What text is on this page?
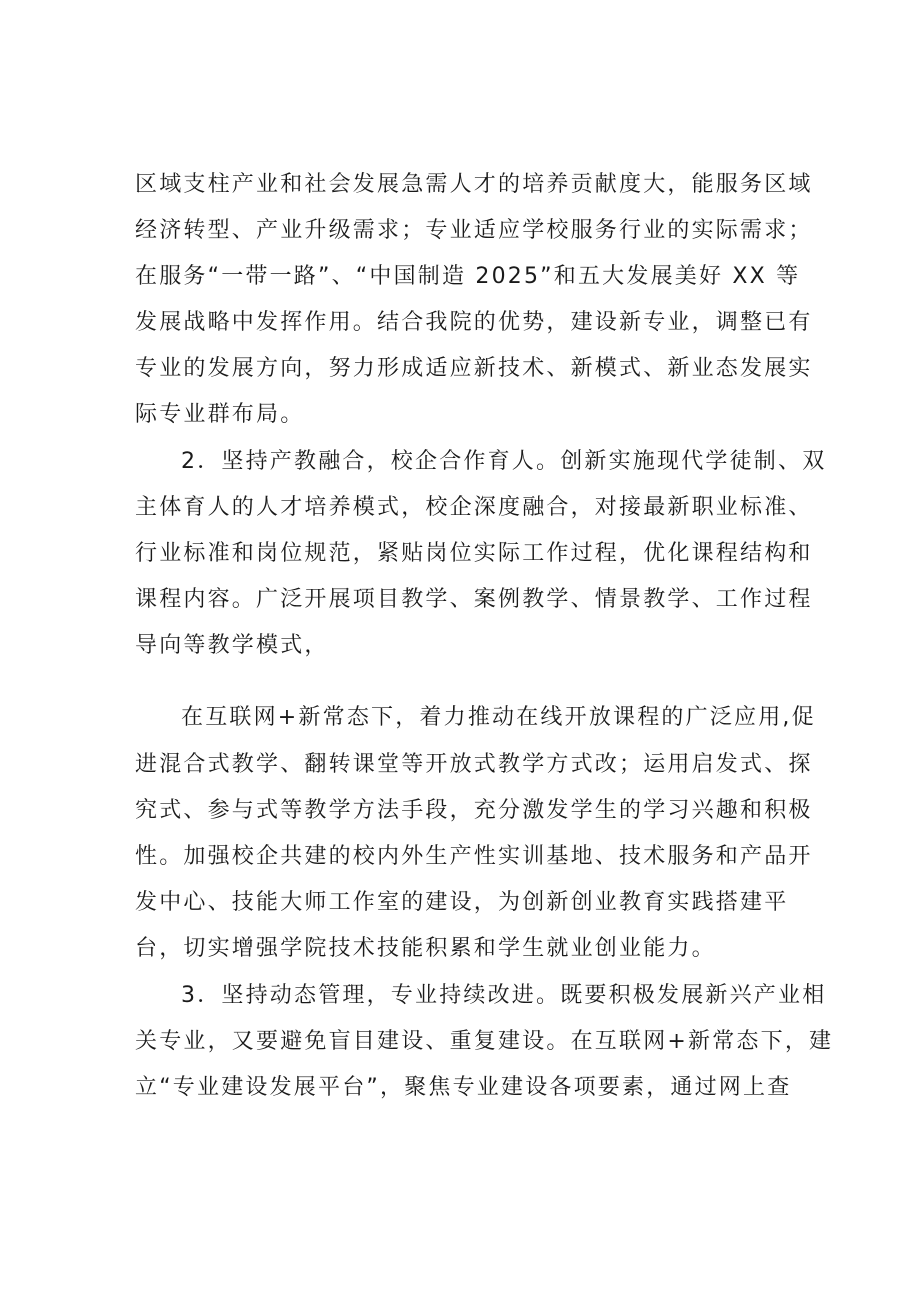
区域支柱产业和社会发展急需人才的培养贡献度大，能服务区域
经济转型、产业升级需求；专业适应学校服务行业的实际需求；
在服务“一带一路”、“中国制造 2025”和五大发展美好 XX 等
发展战略中发挥作用。结合我院的优势，建设新专业，调整已有
专业的发展方向，努力形成适应新技术、新模式、新业态发展实
际专业群布局。
2．坚持产教融合，校企合作育人。创新实施现代学徒制、双
主体育人的人才培养模式，校企深度融合，对接最新职业标准、
行业标准和岗位规范，紧贴岗位实际工作过程，优化课程结构和
课程内容。广泛开展项目教学、案例教学、情景教学、工作过程
导向等教学模式，
在互联网+新常态下，着力推动在线开放课程的广泛应用,促
进混合式教学、翻转课堂等开放式教学方式改；运用启发式、探
究式、参与式等教学方法手段，充分激发学生的学习兴趣和积极
性。加强校企共建的校内外生产性实训基地、技术服务和产品开
发中心、技能大师工作室的建设，为创新创业教育实践搭建平
台，切实增强学院技术技能积累和学生就业创业能力。
3．坚持动态管理，专业持续改进。既要积极发展新兴产业相
关专业，又要避免盲目建设、重复建设。在互联网+新常态下，建
立“专业建设发展平台”，聚焦专业建设各项要素，通过网上查
